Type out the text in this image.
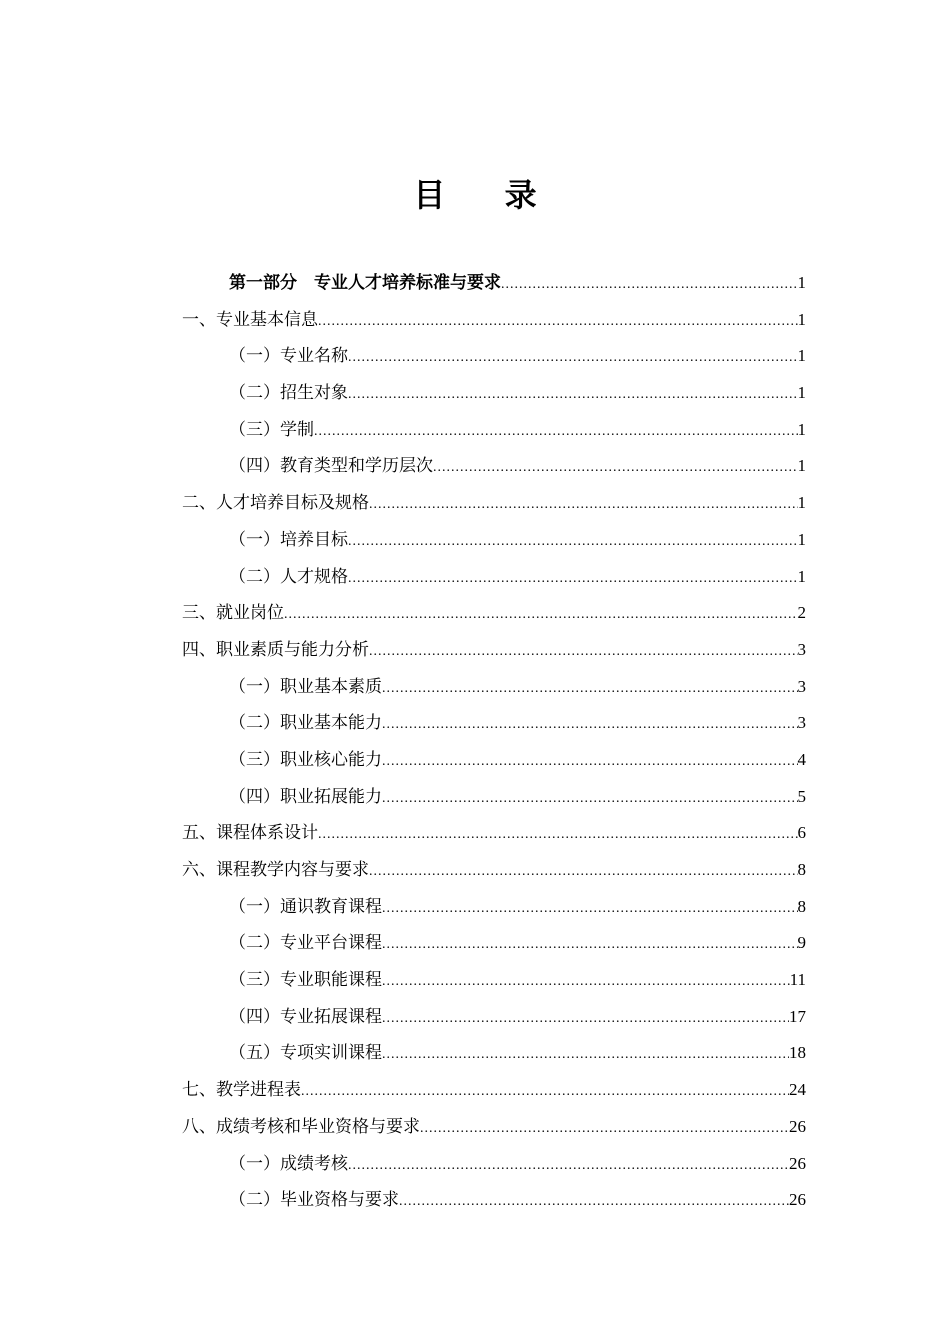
目 录
第一部分　专业人才培养标准与要求 .....	1
一、专业基本信息 .....	1
（一）专业名称 .....	1
（二）招生对象 .....	1
（三）学制 .....	1
（四）教育类型和学历层次 .....	1
二、人才培养目标及规格 .....	1
（一）培养目标 .....	1
（二）人才规格 .....	1
三、就业岗位 .....	2
四、职业素质与能力分析 .....	3
（一）职业基本素质 .....	3
（二）职业基本能力 .....	3
（三）职业核心能力 .....	4
（四）职业拓展能力 .....	5
五、课程体系设计 .....	6
六、课程教学内容与要求 .....	8
（一）通识教育课程 .....	8
（二）专业平台课程 .....	9
（三）专业职能课程 .....	11
（四）专业拓展课程 .....	17
（五）专项实训课程 .....	18
七、教学进程表 .....	24
八、成绩考核和毕业资格与要求 .....	26
（一）成绩考核 .....	26
（二）毕业资格与要求 .....	26
